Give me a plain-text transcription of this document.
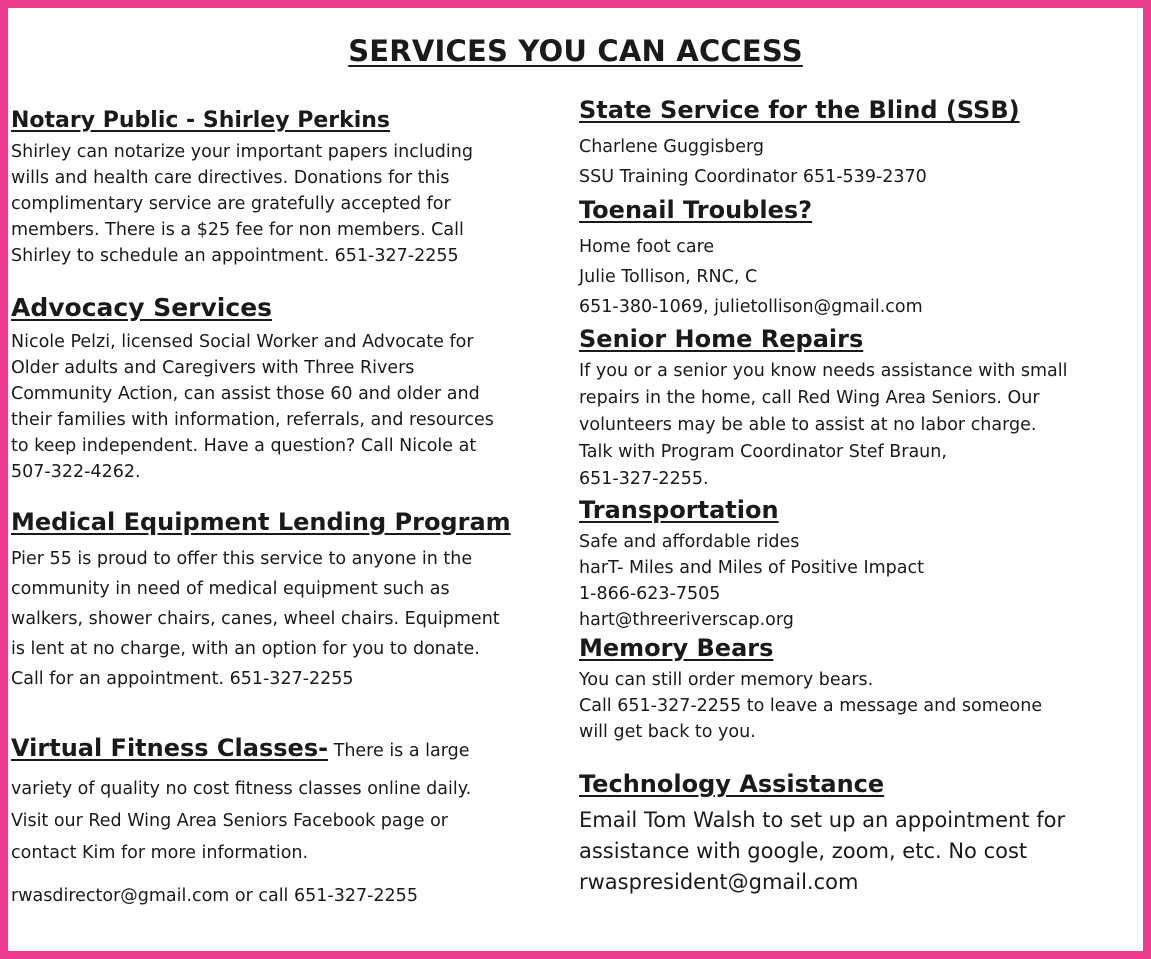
SERVICES YOU CAN ACCESS
Notary Public - Shirley Perkins
Shirley can notarize your important papers including
wills and health care directives. Donations for this
complimentary service are gratefully accepted for
members. There is a $25 fee for non members. Call
Shirley to schedule an appointment. 651-327-2255
Advocacy Services
Nicole Pelzi, licensed Social Worker and Advocate for
Older adults and Caregivers with Three Rivers
Community Action, can assist those 60 and older and
their families with information, referrals, and resources
to keep independent. Have a question? Call Nicole at
507-322-4262.
Medical Equipment Lending Program
Pier 55 is proud to offer this service to anyone in the
community in need of medical equipment such as
walkers, shower chairs, canes, wheel chairs. Equipment
is lent at no charge, with an option for you to donate.
Call for an appointment. 651-327-2255
Virtual Fitness Classes- There is a large
variety of quality no cost fitness classes online daily.
Visit our Red Wing Area Seniors Facebook page or
contact Kim for more information.
rwasdirector@gmail.com or call 651-327-2255
State Service for the Blind (SSB)
Charlene Guggisberg
SSU Training Coordinator 651-539-2370
Toenail Troubles?
Home foot care
Julie Tollison, RNC, C
651-380-1069, julietollison@gmail.com
Senior Home Repairs
If you or a senior you know needs assistance with small
repairs in the home, call Red Wing Area Seniors. Our
volunteers may be able to assist at no labor charge.
Talk with Program Coordinator Stef Braun,
651-327-2255.
Transportation
Safe and affordable rides
harT- Miles and Miles of Positive Impact
1-866-623-7505
hart@threeriverscap.org
Memory Bears
You can still order memory bears.
Call 651-327-2255 to leave a message and someone
will get back to you.
Technology Assistance
Email Tom Walsh to set up an appointment for
assistance with google, zoom, etc. No cost
rwaspresident@gmail.com
